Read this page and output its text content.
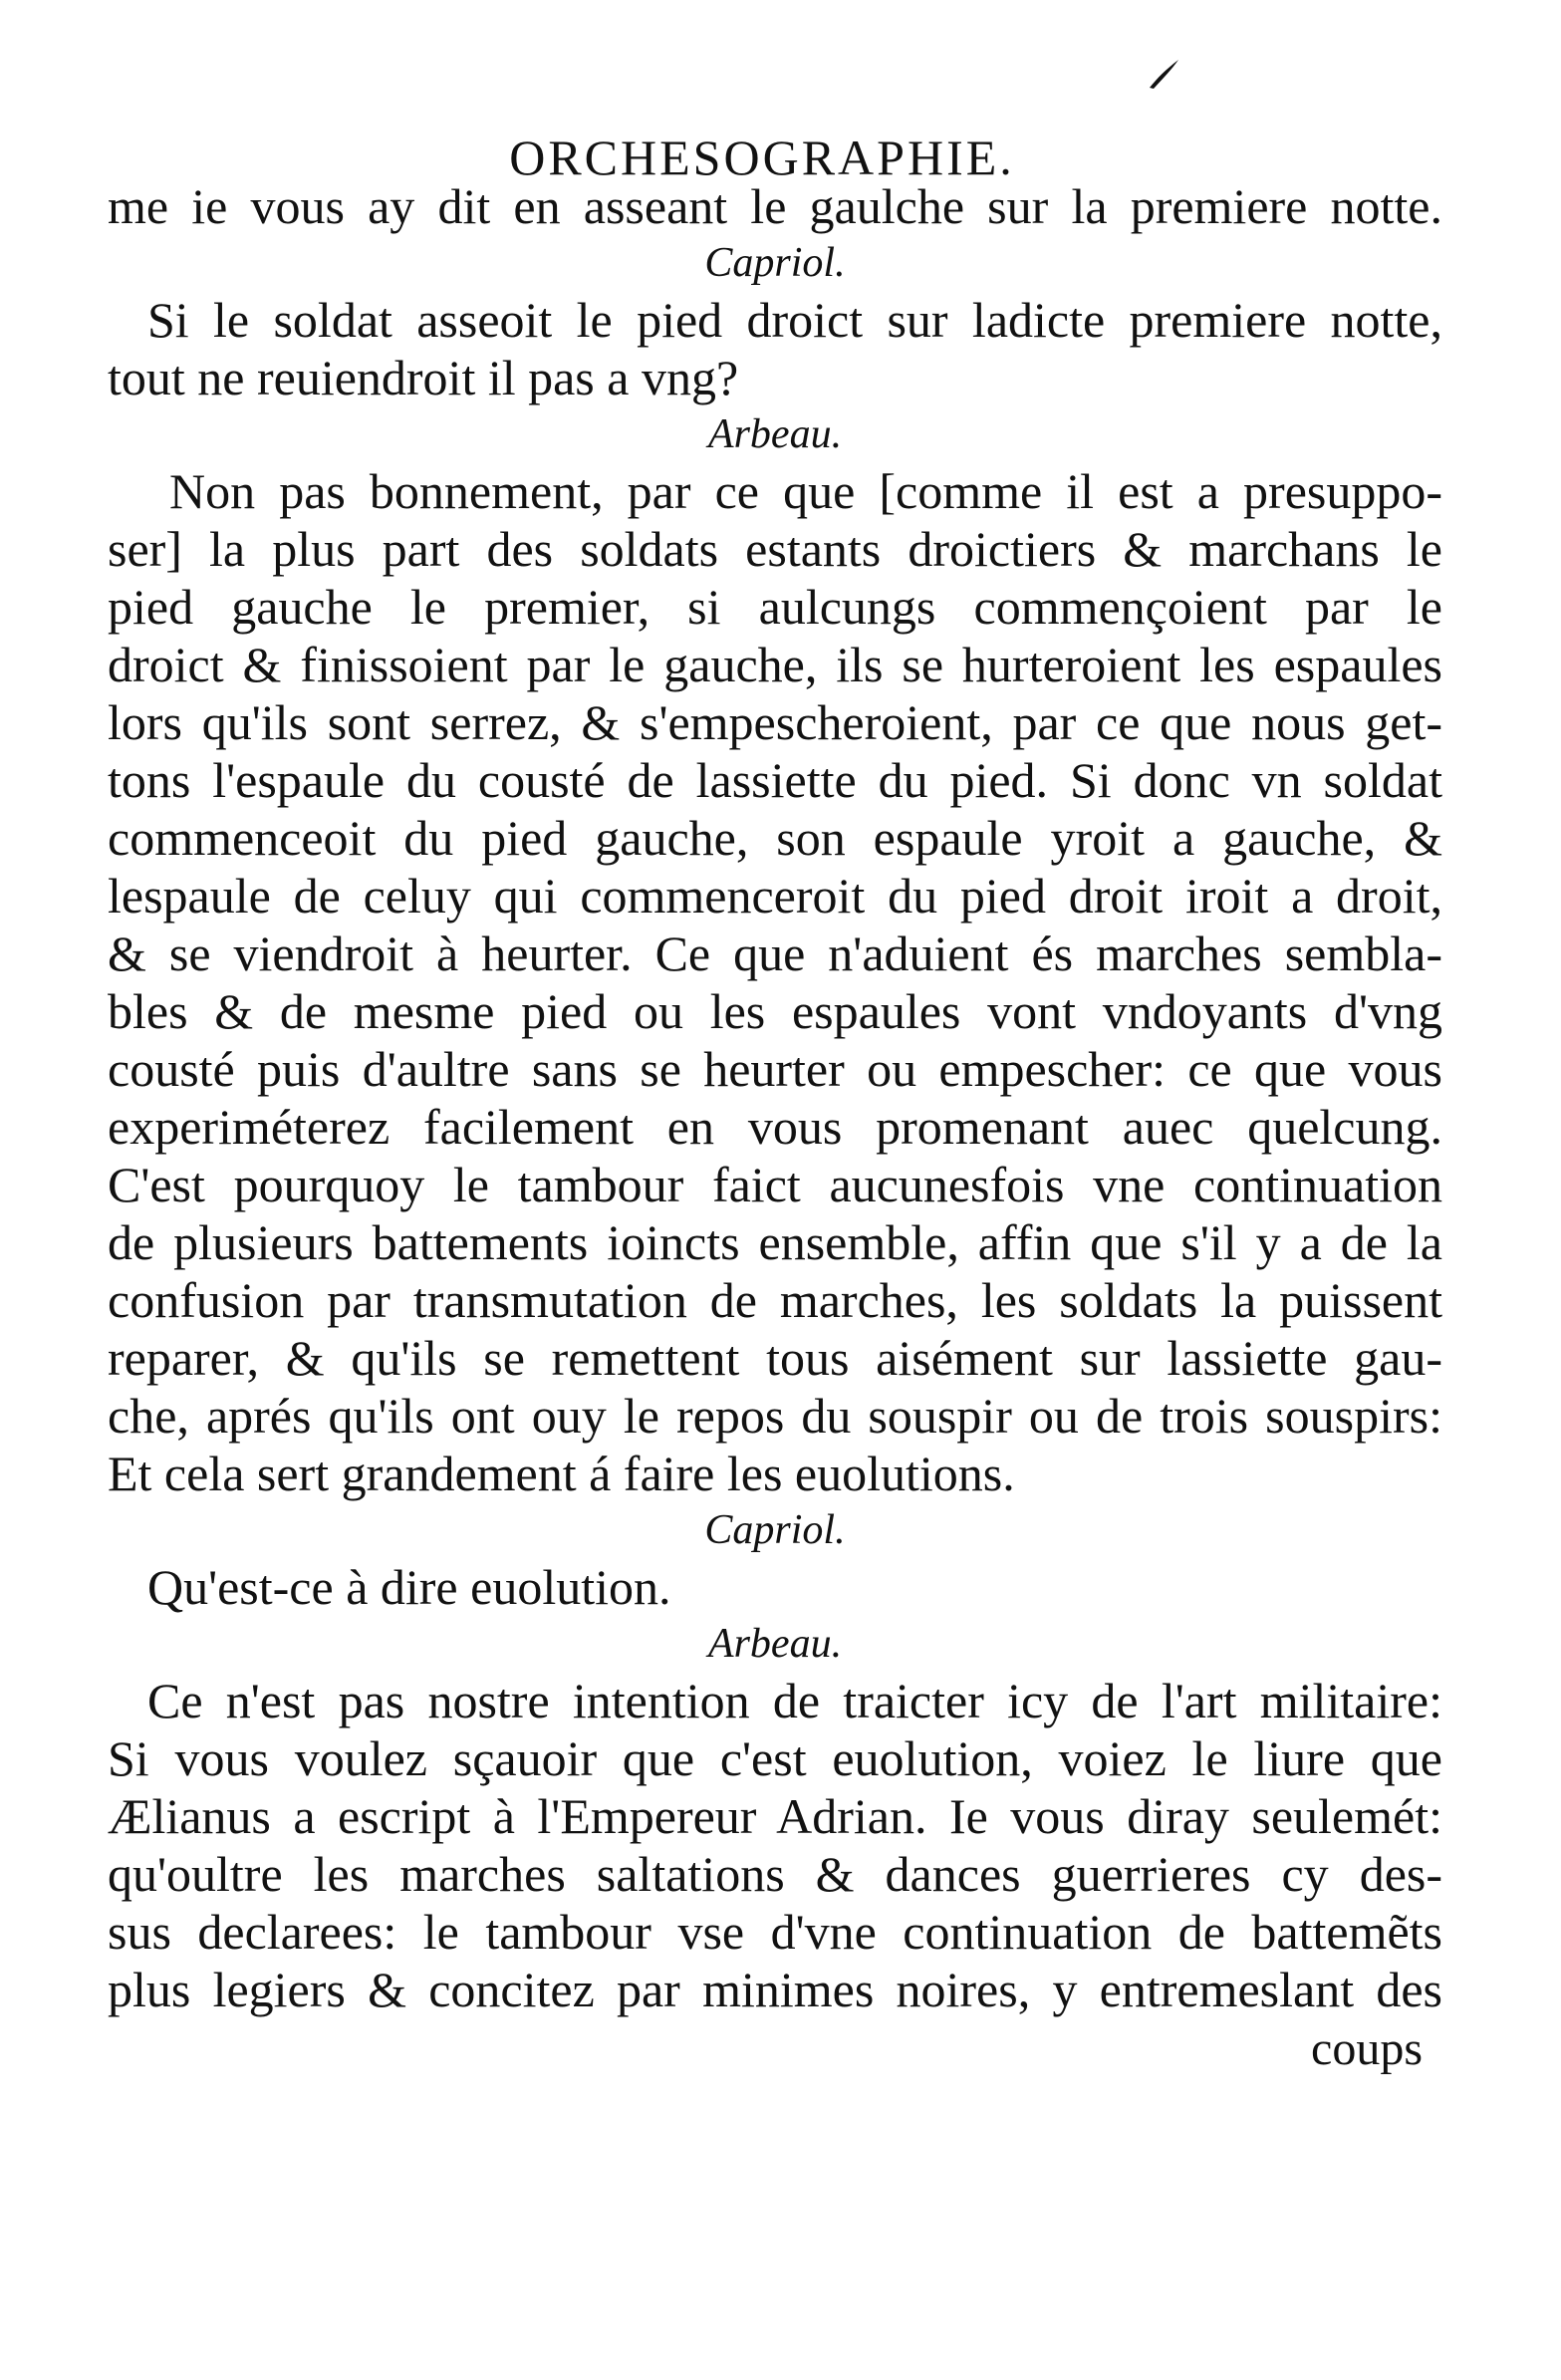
ORCHESOGRAPHIE.
me ie vous ay dit en asseant le gaulche sur la premiere notte.
Capriol.
Si le soldat asseoit le pied droict sur ladicte premiere notte,
tout ne reuiendroit il pas a vng?
Arbeau.
Non pas bonnement, par ce que [comme il est a presuppo-
ser] la plus part des soldats estants droictiers & marchans le
pied gauche le premier, si aulcungs commençoient par le
droict & finissoient par le gauche, ils se hurteroient les espaules
lors qu'ils sont serrez, & s'empescheroient, par ce que nous get-
tons l'espaule du cousté de lassiette du pied. Si donc vn soldat
commenceoit du pied gauche, son espaule yroit a gauche, &
lespaule de celuy qui commenceroit du pied droit iroit a droit,
& se viendroit à heurter. Ce que n'aduient és marches sembla-
bles & de mesme pied ou les espaules vont vndoyants d'vng
cousté puis d'aultre sans se heurter ou empescher: ce que vous
experiméterez facilement en vous promenant auec quelcung.
C'est pourquoy le tambour faict aucunesfois vne continuation
de plusieurs battements ioincts ensemble, affin que s'il y a de la
confusion par transmutation de marches, les soldats la puissent
reparer, & qu'ils se remettent tous aisément sur lassiette gau-
che, aprés qu'ils ont ouy le repos du souspir ou de trois souspirs:
Et cela sert grandement á faire les euolutions.
Capriol.
Qu'est-ce à dire euolution.
Arbeau.
Ce n'est pas nostre intention de traicter icy de l'art militaire:
Si vous voulez sçauoir que c'est euolution, voiez le liure que
Ælianus a escript à l'Empereur Adrian. Ie vous diray seulemét:
qu'oultre les marches saltations & dances guerrieres cy des-
sus declarees: le tambour vse d'vne continuation de battemẽts
plus legiers & concitez par minimes noires, y entremeslant des
coups
